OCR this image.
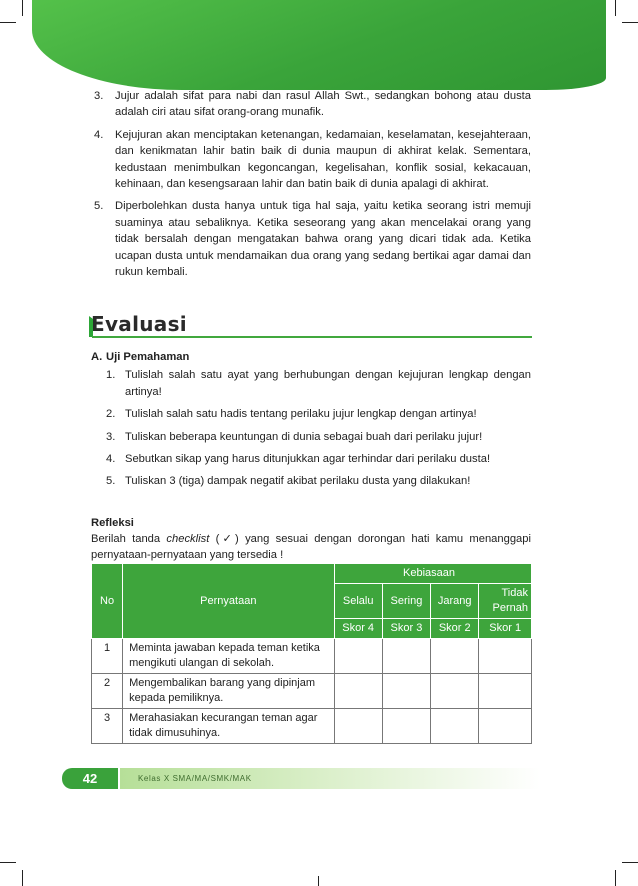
3. Jujur adalah sifat para nabi dan rasul Allah Swt., sedangkan bohong atau dusta adalah ciri atau sifat orang-orang munafik.
4. Kejujuran akan menciptakan ketenangan, kedamaian, keselamatan, kesejahteraan, dan kenikmatan lahir batin baik di dunia maupun di akhirat kelak. Sementara, kedustaan menimbulkan kegoncangan, kegelisahan, konflik sosial, kekacauan, kehinaan, dan kesengsaraan lahir dan batin baik di dunia apalagi di akhirat.
5. Diperbolehkan dusta hanya untuk tiga hal saja, yaitu ketika seorang istri memuji suaminya atau sebaliknya. Ketika seseorang yang akan mencelakai orang yang tidak bersalah dengan mengatakan bahwa orang yang dicari tidak ada. Ketika ucapan dusta untuk mendamaikan dua orang yang sedang bertikai agar damai dan rukun kembali.
Evaluasi
A. Uji Pemahaman
1. Tulislah salah satu ayat yang berhubungan dengan kejujuran lengkap dengan artinya!
2. Tulislah salah satu hadis tentang perilaku jujur lengkap dengan artinya!
3. Tuliskan beberapa keuntungan di dunia sebagai buah dari perilaku jujur!
4. Sebutkan sikap yang harus ditunjukkan agar terhindar dari perilaku dusta!
5. Tuliskan 3 (tiga) dampak negatif akibat perilaku dusta yang dilakukan!
Refleksi
Berilah tanda checklist (✓) yang sesuai dengan dorongan hati kamu menanggapi pernyataan-pernyataan yang tersedia !
No	Pernyataan	Kebiasaan			
		Selalu	Sering	Jarang	Tidak Pernah
		Skor 4	Skor 3	Skor 2	Skor 1
1	Meminta jawaban kepada teman ketika mengikuti ulangan di sekolah.				
2	Mengembalikan barang yang dipinjam kepada pemiliknya.				
3	Merahasiakan kecurangan teman agar tidak dimusuhinya.				
42	Kelas X SMA/MA/SMK/MAK
